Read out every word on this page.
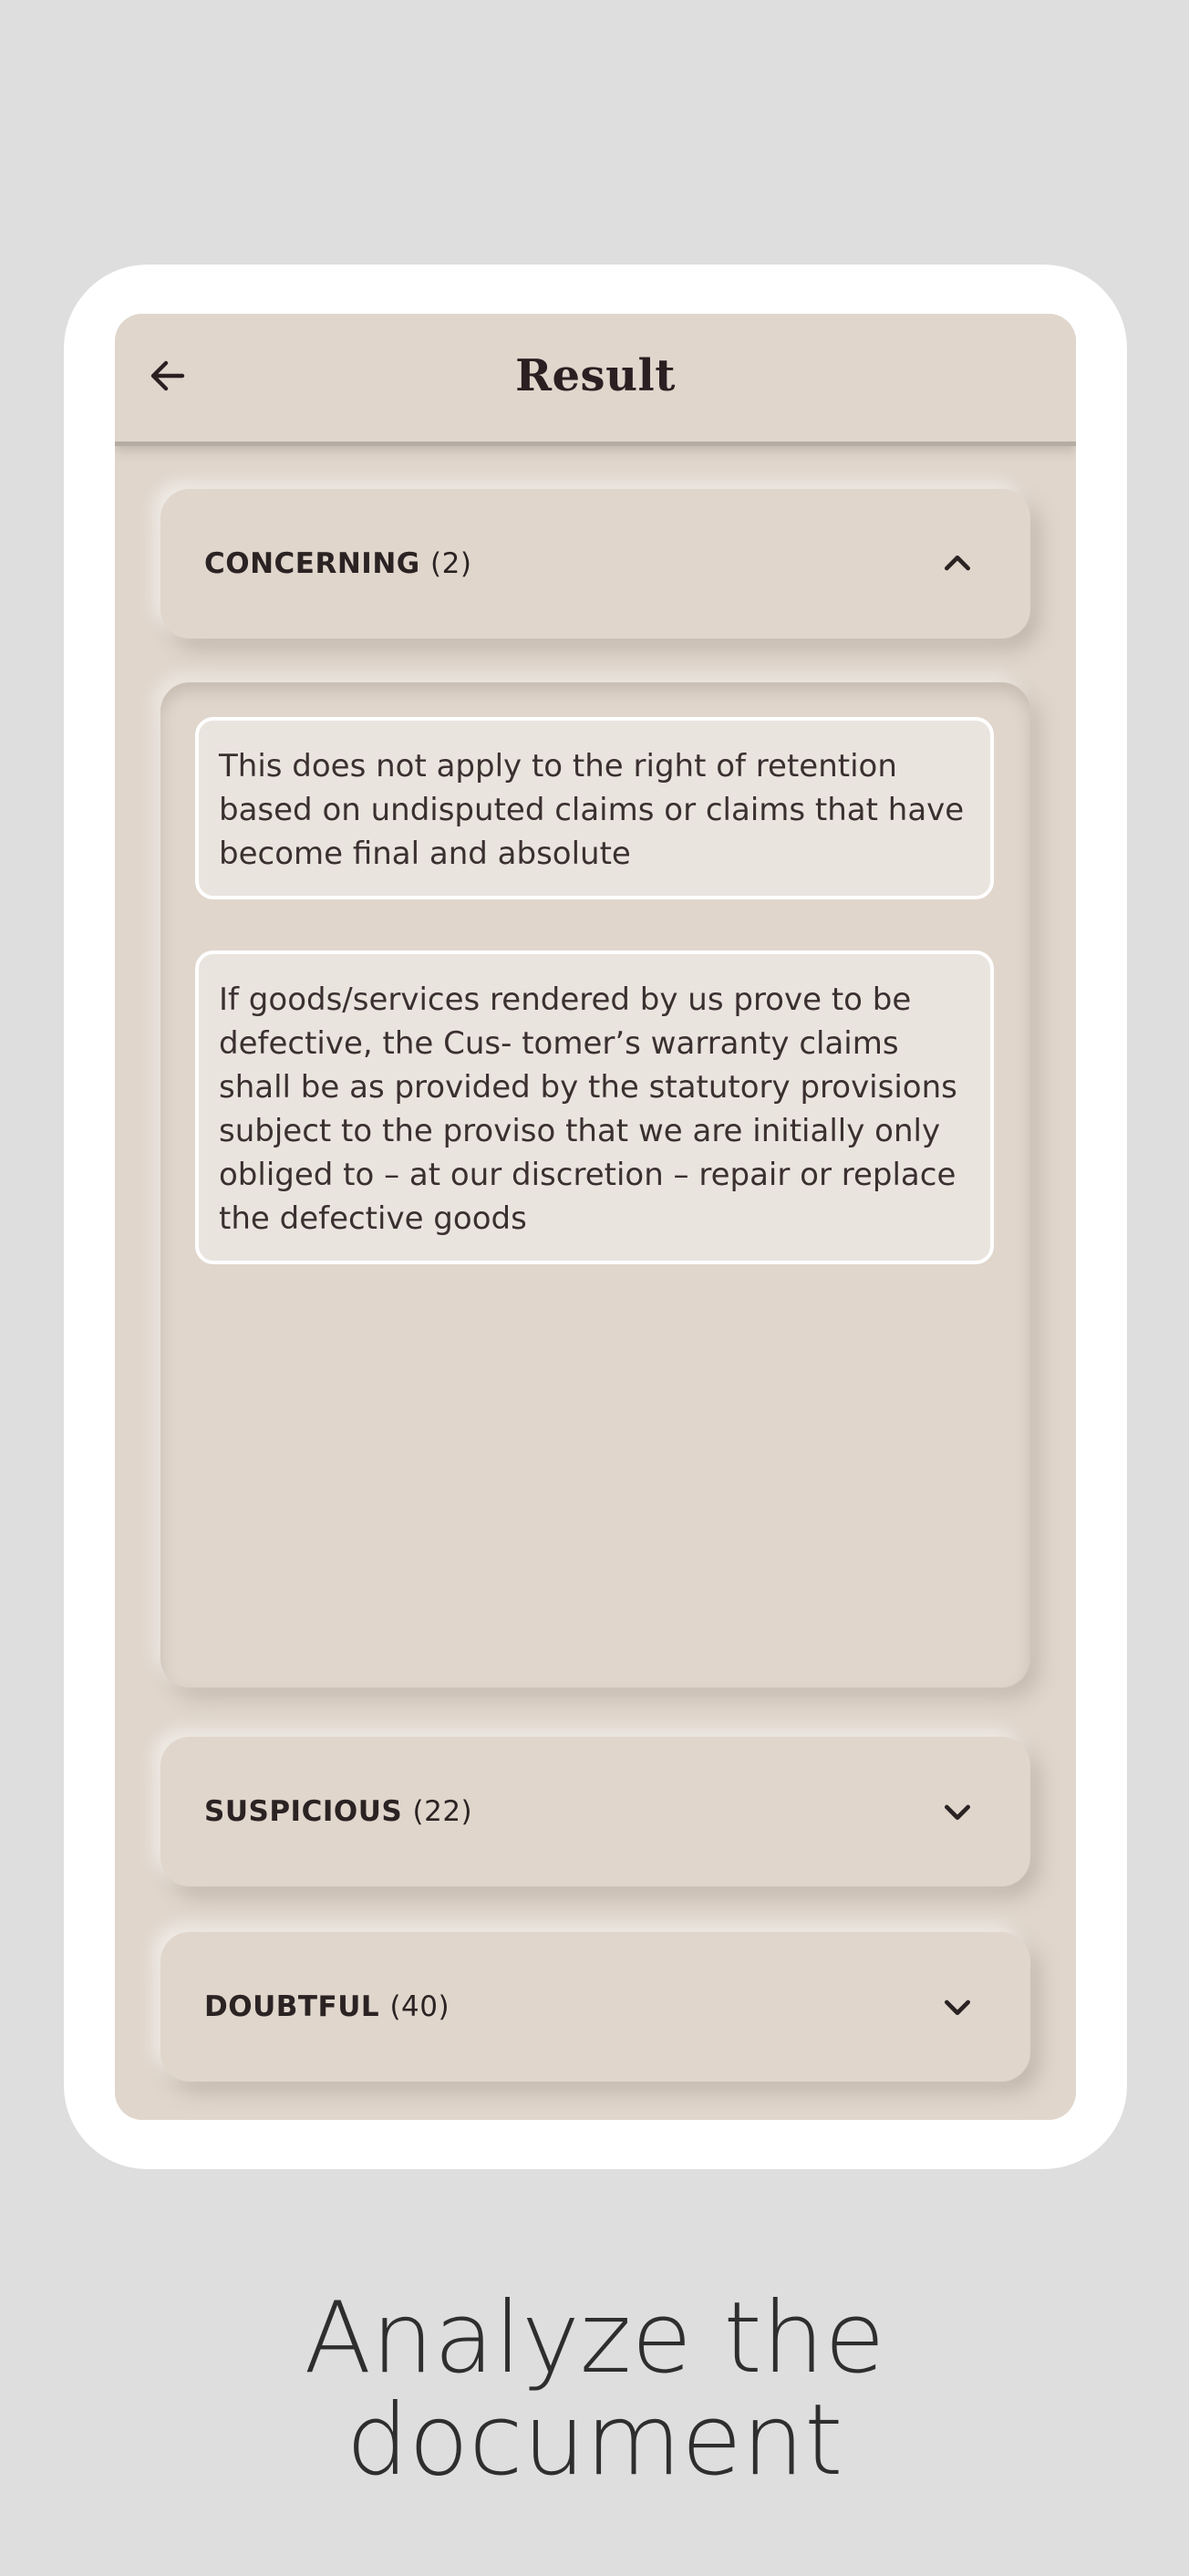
Result
CONCERNING (2)
This does not apply to the right of retention based on undisputed claims or claims that have become final and absolute
If goods/services rendered by us prove to be defective, the Cus- tomer’s warranty claims shall be as provided by the statutory provisions subject to the proviso that we are initially only obliged to – at our discretion – repair or replace the defective goods
SUSPICIOUS (22)
DOUBTFUL (40)
Analyze the
document
